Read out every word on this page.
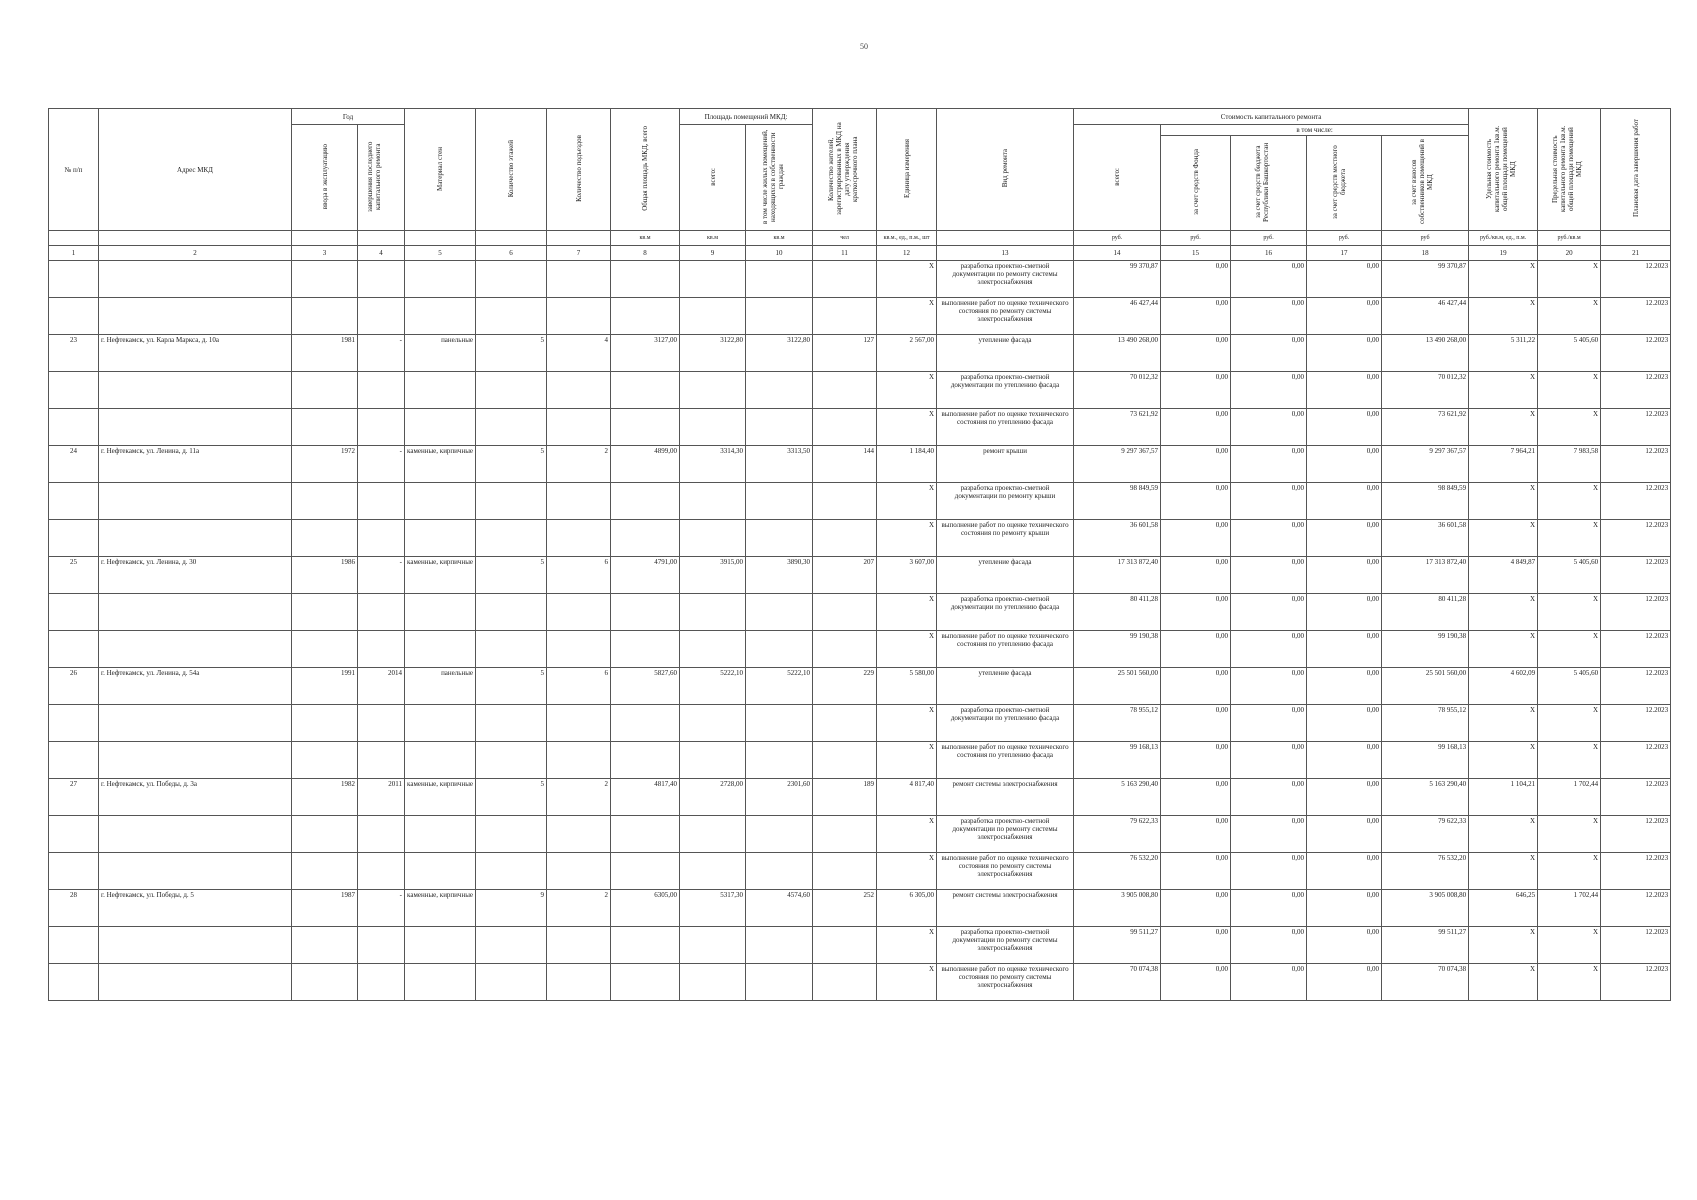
50
№ п/п	Адрес МКД	Год		Материал стен	Количество этажей	Количество подъездов	Общая площадь МКД, всего	Площадь помещений МКД:		Количество жителей, зарегистрированных в МКД на дату утверждения краткосрочного плана	Единица измерения	Вид ремонта	Стоимость капитального ремонта					Удельная стоимость капитального ремонта 1кв.м. общей площади помещений МКД	Предельная стоимость капитального ремонта 1кв.м. общей площади помещений МКД	Плановая дата завершения работ
		ввода в эксплуатацию	завершения последнего капитального ремонта					всего:	в том числе жилых помещений, находящихся в собственности граждан				всего:	в том числе:						
														за счет средств Фонда	за счет средств бюджета Республики Башкортостан	за счет средств местного бюджета	за счет взносов собственников помещений в МКД			
							кв.м	кв.м	кв.м	чел	кв.м., ед., п.м., шт		руб.	руб.	руб.	руб.	руб	руб./кв.м, ед., п.м.	руб./кв.м	
1	2	3	4	5	6	7	8	9	10	11	12	13	14	15	16	17	18	19	20	21
											X	разработка проектно-сметной документации по ремонту системы электроснабжения	99 370,87	0,00	0,00	0,00	99 370,87	X	X	12.2023
											X	выполнение работ по оценке технического состояния по ремонту системы электроснабжения	46 427,44	0,00	0,00	0,00	46 427,44	X	X	12.2023
23	г. Нефтекамск, ул. Карла Маркса, д. 10а	1981	-	панельные	5	4	3127,00	3122,80	3122,80	127	2 567,00	утепление фасада	13 490 268,00	0,00	0,00	0,00	13 490 268,00	5 311,22	5 405,60	12.2023
											X	разработка проектно-сметной документации по утеплению фасада	70 012,32	0,00	0,00	0,00	70 012,32	X	X	12.2023
											X	выполнение работ по оценке технического состояния по утеплению фасада	73 621,92	0,00	0,00	0,00	73 621,92	X	X	12.2023
24	г. Нефтекамск, ул. Ленина, д. 11а	1972	-	каменные, кирпичные	5	2	4899,00	3314,30	3313,50	144	1 184,40	ремонт крыши	9 297 367,57	0,00	0,00	0,00	9 297 367,57	7 964,21	7 983,58	12.2023
											X	разработка проектно-сметной документации по ремонту крыши	98 849,59	0,00	0,00	0,00	98 849,59	X	X	12.2023
											X	выполнение работ по оценке технического состояния по ремонту крыши	36 601,58	0,00	0,00	0,00	36 601,58	X	X	12.2023
25	г. Нефтекамск, ул. Ленина, д. 30	1986	-	каменные, кирпичные	5	6	4791,00	3915,00	3890,30	207	3 607,00	утепление фасада	17 313 872,40	0,00	0,00	0,00	17 313 872,40	4 849,87	5 405,60	12.2023
											X	разработка проектно-сметной документации по утеплению фасада	80 411,28	0,00	0,00	0,00	80 411,28	X	X	12.2023
											X	выполнение работ по оценке технического состояния по утеплению фасада	99 190,38	0,00	0,00	0,00	99 190,38	X	X	12.2023
26	г. Нефтекамск, ул. Ленина, д. 54а	1991	2014	панельные	5	6	5827,60	5222,10	5222,10	229	5 580,00	утепление фасада	25 501 560,00	0,00	0,00	0,00	25 501 560,00	4 602,09	5 405,60	12.2023
											X	разработка проектно-сметной документации по утеплению фасада	78 955,12	0,00	0,00	0,00	78 955,12	X	X	12.2023
											X	выполнение работ по оценке технического состояния по утеплению фасада	99 168,13	0,00	0,00	0,00	99 168,13	X	X	12.2023
27	г. Нефтекамск, ул. Победы, д. 3а	1982	2011	каменные, кирпичные	5	2	4817,40	2728,00	2301,60	189	4 817,40	ремонт системы электроснабжения	5 163 290,40	0,00	0,00	0,00	5 163 290,40	1 104,21	1 702,44	12.2023
											X	разработка проектно-сметной документации по ремонту системы электроснабжения	79 622,33	0,00	0,00	0,00	79 622,33	X	X	12.2023
											X	выполнение работ по оценке технического состояния по ремонту системы электроснабжения	76 532,20	0,00	0,00	0,00	76 532,20	X	X	12.2023
28	г. Нефтекамск, ул. Победы, д. 5	1987	-	каменные, кирпичные	9	2	6305,00	5317,30	4574,60	252	6 305,00	ремонт системы электроснабжения	3 905 008,80	0,00	0,00	0,00	3 905 008,80	646,25	1 702,44	12.2023
											X	разработка проектно-сметной документации по ремонту системы электроснабжения	99 511,27	0,00	0,00	0,00	99 511,27	X	X	12.2023
											X	выполнение работ по оценке технического состояния по ремонту системы электроснабжения	70 074,38	0,00	0,00	0,00	70 074,38	X	X	12.2023
